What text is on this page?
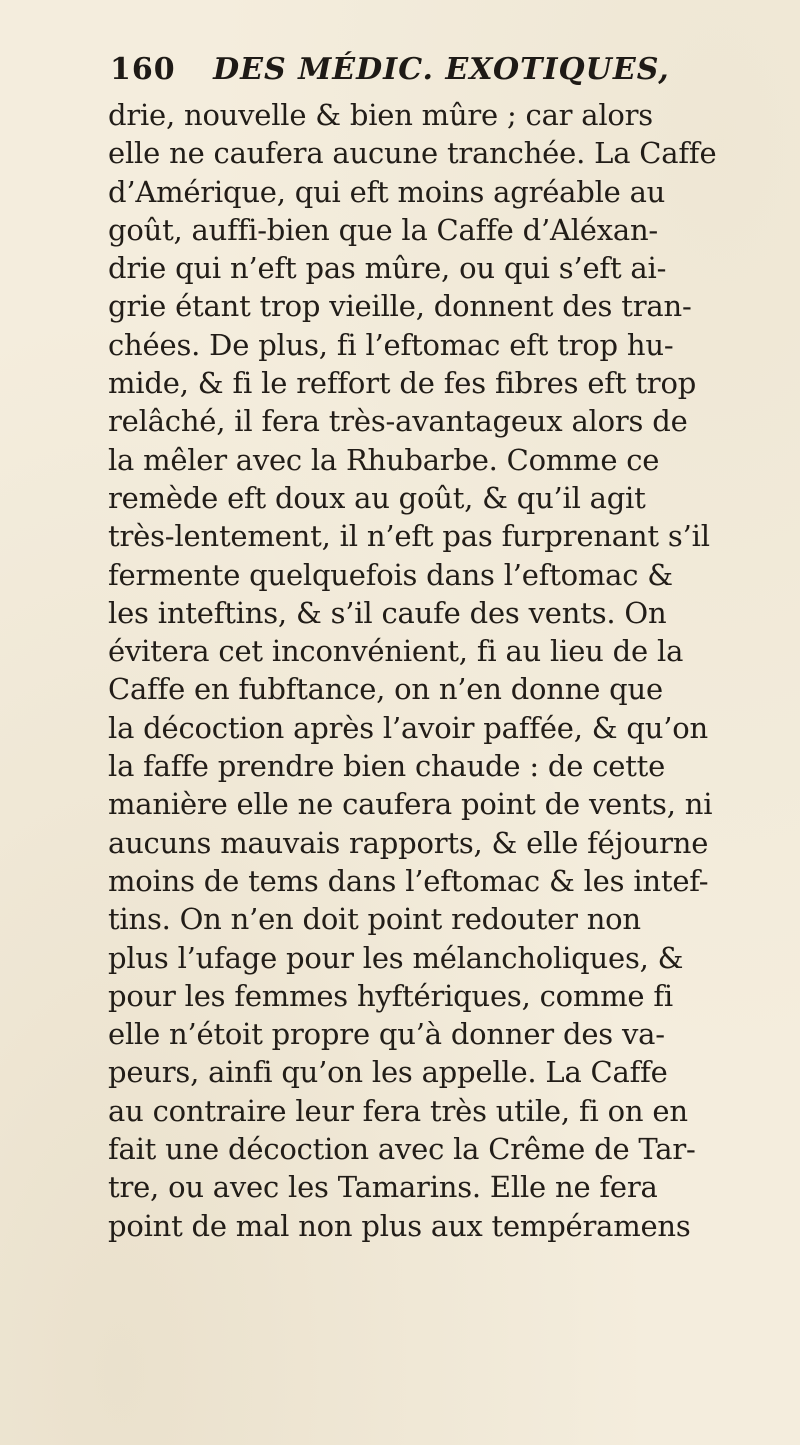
160 DES MÉDIC. EXOTIQUES,
drie, nouvelle & bien mûre ; car alors
elle ne caufera aucune tranchée. La Caffe
d’Amérique, qui eft moins agréable au
goût, auffi-bien que la Caffe d’Aléxan-
drie qui n’eft pas mûre, ou qui s’eft ai-
grie étant trop vieille, donnent des tran-
chées. De plus, fi l’eftomac eft trop hu-
mide, & fi le reffort de fes fibres eft trop
relâché, il fera très-avantageux alors de
la mêler avec la Rhubarbe. Comme ce
remède eft doux au goût, & qu’il agit
très-lentement, il n’eft pas furprenant s’il
fermente quelquefois dans l’eftomac &
les inteftins, & s’il caufe des vents. On
évitera cet inconvénient, fi au lieu de la
Caffe en fubftance, on n’en donne que
la décoction après l’avoir paffée, & qu’on
la faffe prendre bien chaude : de cette
manière elle ne caufera point de vents, ni
aucuns mauvais rapports, & elle féjourne
moins de tems dans l’eftomac & les intef-
tins. On n’en doit point redouter non
plus l’ufage pour les mélancholiques, &
pour les femmes hyftériques, comme fi
elle n’étoit propre qu’à donner des va-
peurs, ainfi qu’on les appelle. La Caffe
au contraire leur fera très utile, fi on en
fait une décoction avec la Crême de Tar-
tre, ou avec les Tamarins. Elle ne fera
point de mal non plus aux tempéramens
